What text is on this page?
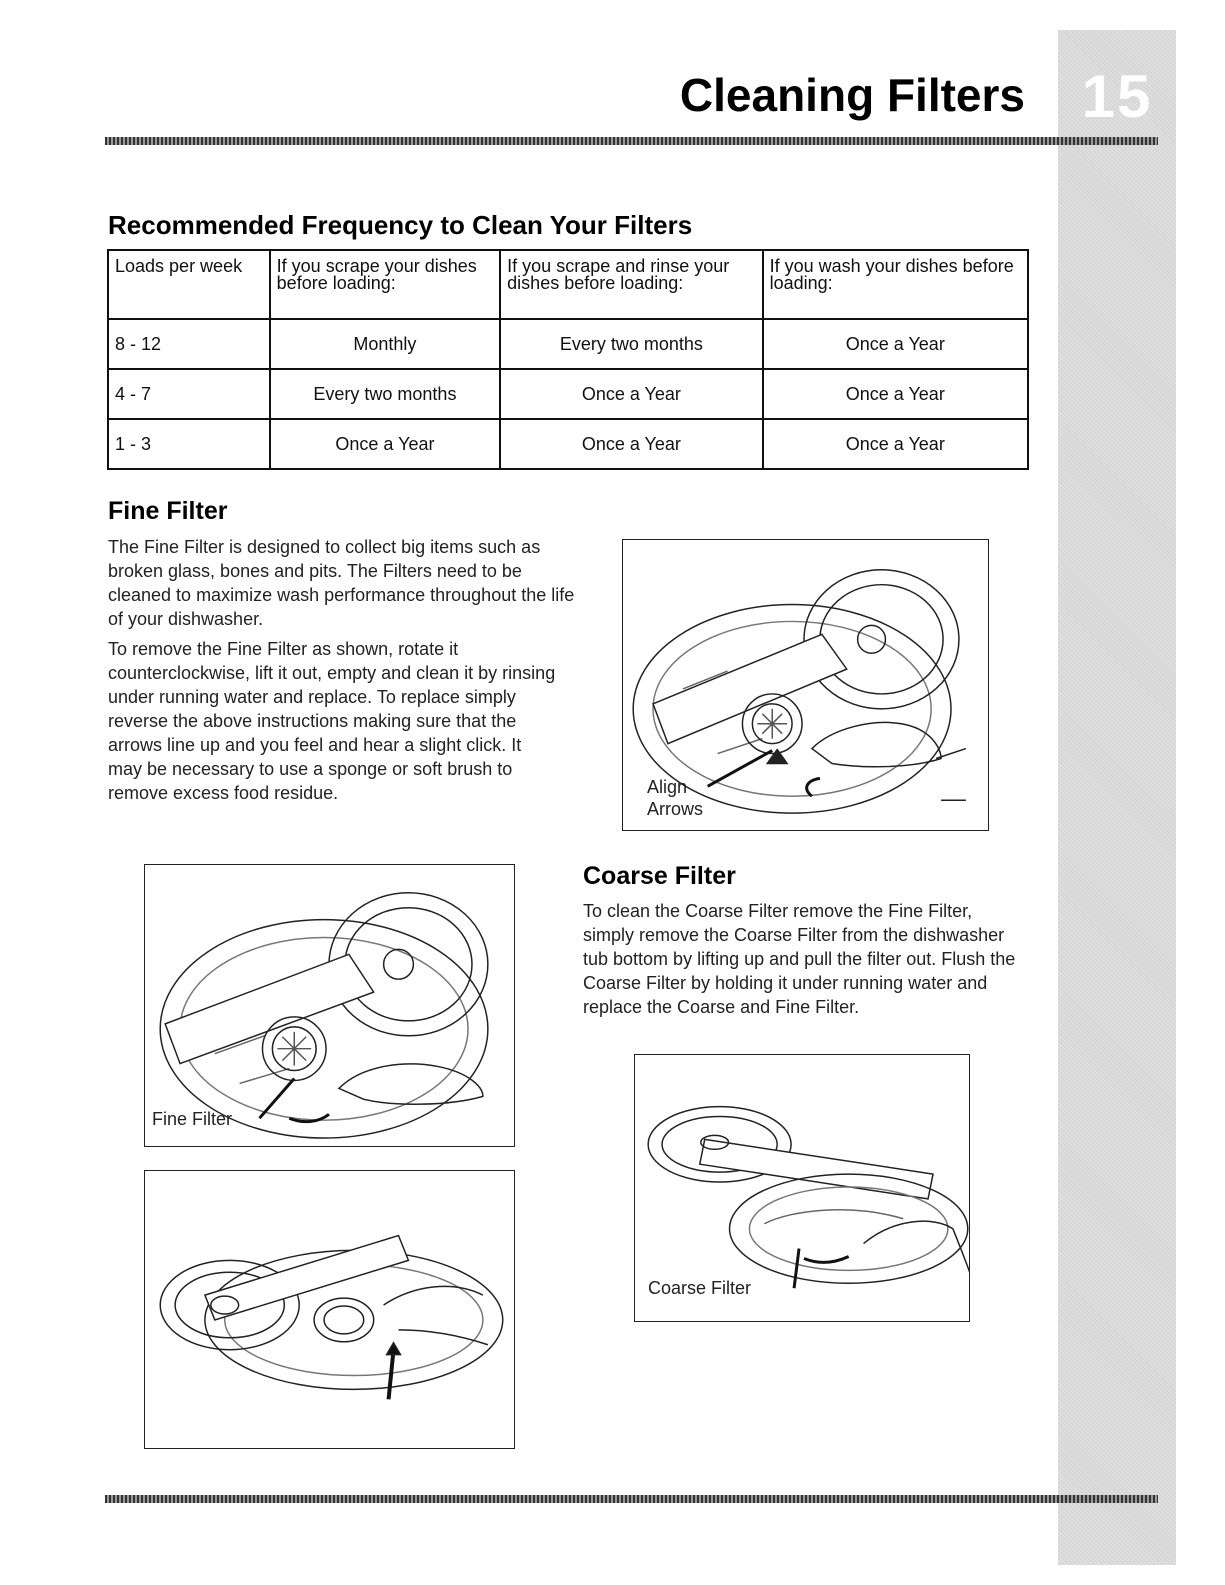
15
Cleaning Filters
Recommended Frequency to Clean Your Filters
Loads per week	If you scrape your dishes before loading:	If you scrape and rinse your dishes before loading:	If you wash your dishes before loading:
8 - 12	Monthly	Every two months	Once a Year
4 - 7	Every two months	Once a Year	Once a Year
1 - 3	Once a Year	Once a Year	Once a Year
Fine Filter

The Fine Filter is designed to collect big items such as broken glass, bones and pits. The Filters need to be cleaned to maximize wash performance throughout the life of your dishwasher.

To remove the Fine Filter as shown, rotate it counterclockwise, lift it out, empty and clean it by rinsing under running water and replace. To replace simply reverse the above instructions making sure that the arrows line up and you feel and hear a slight click. It may be necessary to use a sponge or soft brush to remove excess food residue.	Align
Arrows
Fine Filter
Coarse Filter

To clean the Coarse Filter remove the Fine Filter, simply remove the Coarse Filter from the dishwasher tub bottom by lifting up and pull the filter out. Flush the Coarse Filter by holding it under running water and replace the Coarse and Fine Filter.

Coarse Filter
